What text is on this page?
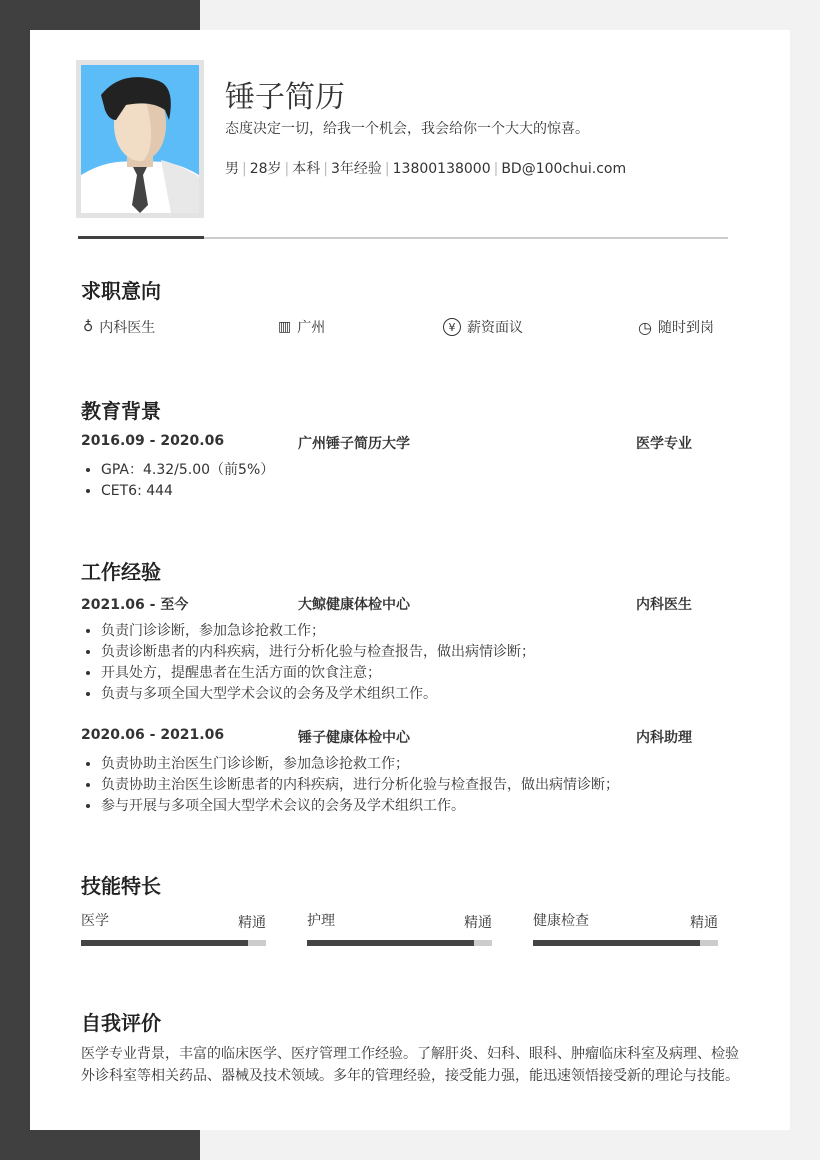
锤子简历
态度决定一切，给我一个机会，我会给你一个大大的惊喜。
男 | 28岁 | 本科 | 3年经验 | 13800138000 | BD@100chui.com
求职意向
♁ 内科医生	▥ 广州	¥ 薪资面议	◷ 随时到岗
教育背景
2016.09 - 2020.06	广州锤子简历大学	医学专业
• GPA：4.32/5.00（前5%）
• CET6: 444
工作经验
2021.06 - 至今	大鲸健康体检中心	内科医生
• 负责门诊诊断，参加急诊抢救工作；
• 负责诊断患者的内科疾病，进行分析化验与检查报告，做出病情诊断；
• 开具处方，提醒患者在生活方面的饮食注意；
• 负责与多项全国大型学术会议的会务及学术组织工作。
2020.06 - 2021.06	锤子健康体检中心	内科助理
• 负责协助主治医生门诊诊断，参加急诊抢救工作；
• 负责协助主治医生诊断患者的内科疾病，进行分析化验与检查报告，做出病情诊断；
• 参与开展与多项全国大型学术会议的会务及学术组织工作。
技能特长
医学	精通	护理	精通	健康检查	精通
自我评价
医学专业背景，丰富的临床医学、医疗管理工作经验。了解肝炎、妇科、眼科、肿瘤临床科室及病理、检验外诊科室等相关药品、器械及技术领域。多年的管理经验，接受能力强，能迅速领悟接受新的理论与技能。
